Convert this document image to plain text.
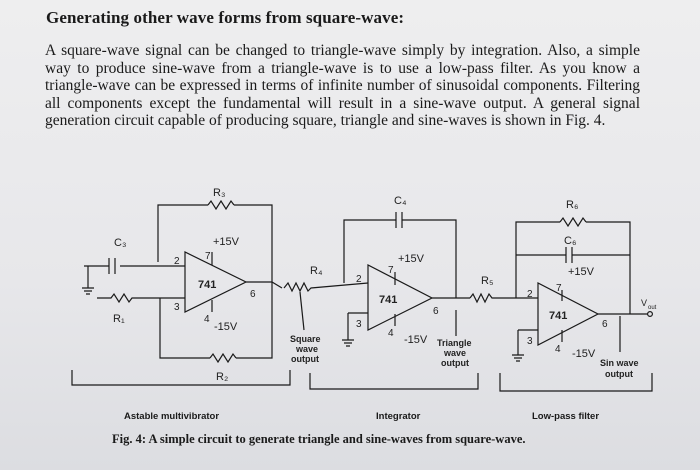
Generating other wave forms from square-wave:

A square-wave signal can be changed to triangle-wave simply by integration. Also, a simple way to produce sine-wave from a triangle-wave is to use a low-pass filter. As you know a triangle-wave can be expressed in terms of infinite number of sinusoidal components. Filtering all components except the fundamental will result in a sine-wave output. A general signal generation circuit capable of producing square, triangle and sine-waves is shown in Fig. 4.

R₃
C₃
R₁
R₂
+15V
-15V
741
2
3
7
4
6
R₄
C₄
+15V
-15V
741
2
3
7
4
6
Square
wave
output
R₅
R₆
C₆
+15V
-15V
741
2
3
7
4
6
Triangle
wave
output	Sin wave
output
V out
Astable multivibrator	Integrator	Low-pass filter
Fig. 4: A simple circuit to generate triangle and sine-waves from square-wave.
